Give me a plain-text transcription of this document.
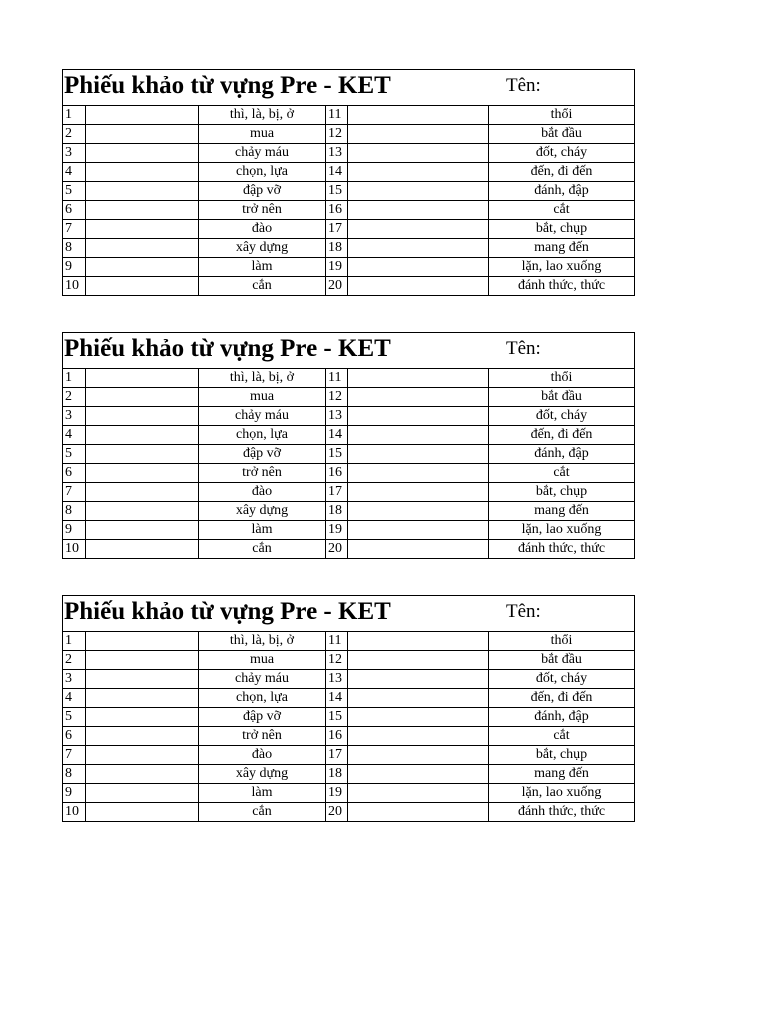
Phiếu khảo từ vựng Pre - KET Tên:					

1		thì, là, bị, ở	11		thổi
2		mua	12		bắt đầu
3		chảy máu	13		đốt, cháy
4		chọn, lựa	14		đến, đi đến
5		đập vỡ	15		đánh, đập
6		trở nên	16		cắt
7		đào	17		bắt, chụp
8		xây dựng	18		mang đến
9		làm	19		lặn, lao xuống
10		cắn	20		đánh thức, thức
Phiếu khảo từ vựng Pre - KET Tên:					

1		thì, là, bị, ở	11		thổi
2		mua	12		bắt đầu
3		chảy máu	13		đốt, cháy
4		chọn, lựa	14		đến, đi đến
5		đập vỡ	15		đánh, đập
6		trở nên	16		cắt
7		đào	17		bắt, chụp
8		xây dựng	18		mang đến
9		làm	19		lặn, lao xuống
10		cắn	20		đánh thức, thức
Phiếu khảo từ vựng Pre - KET Tên:					

1		thì, là, bị, ở	11		thổi
2		mua	12		bắt đầu
3		chảy máu	13		đốt, cháy
4		chọn, lựa	14		đến, đi đến
5		đập vỡ	15		đánh, đập
6		trở nên	16		cắt
7		đào	17		bắt, chụp
8		xây dựng	18		mang đến
9		làm	19		lặn, lao xuống
10		cắn	20		đánh thức, thức
